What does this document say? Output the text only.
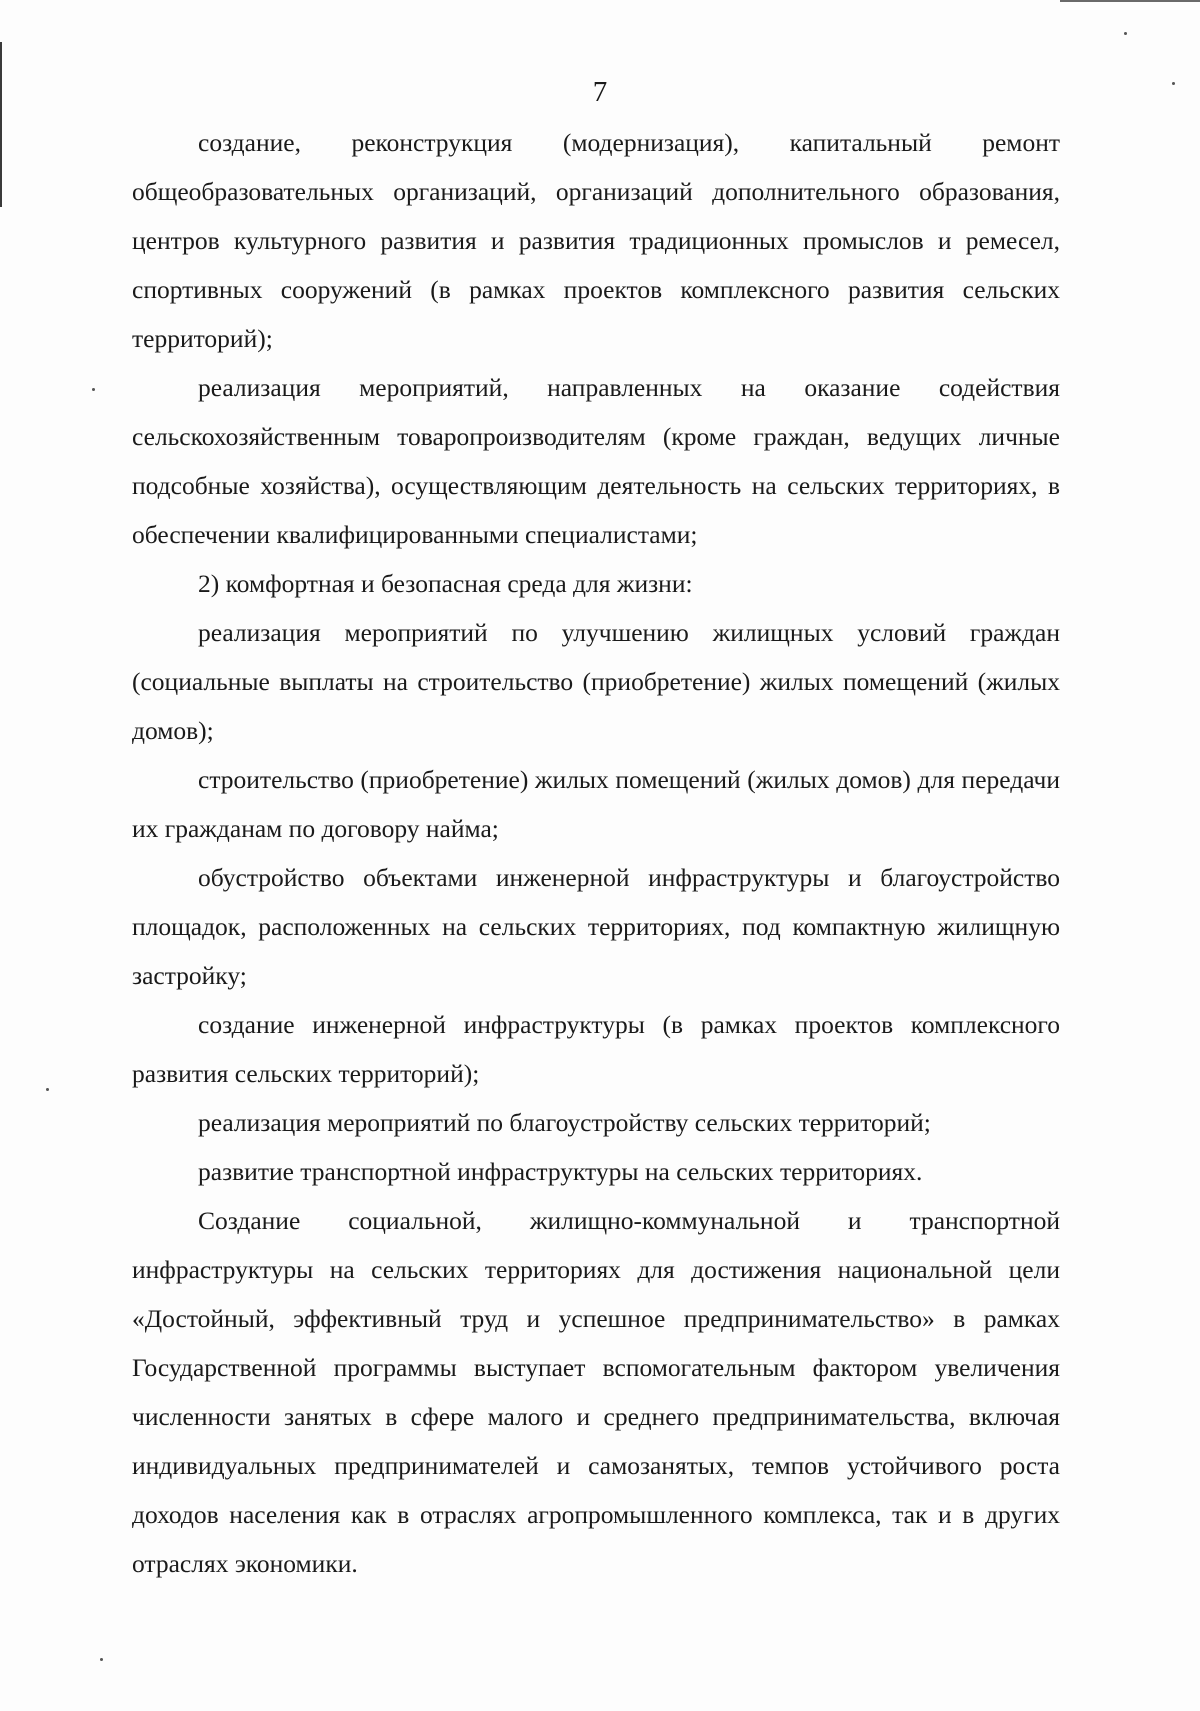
7

создание, реконструкция (модернизация), капитальный ремонт общеобразовательных организаций, организаций дополнительного образования, центров культурного развития и развития традиционных промыслов и ремесел, спортивных сооружений (в рамках проектов комплексного развития сельских территорий);

реализация мероприятий, направленных на оказание содействия сельскохозяйственным товаропроизводителям (кроме граждан, ведущих личные подсобные хозяйства), осуществляющим деятельность на сельских территориях, в обеспечении квалифицированными специалистами;

2) комфортная и безопасная среда для жизни:

реализация мероприятий по улучшению жилищных условий граждан (социальные выплаты на строительство (приобретение) жилых помещений (жилых домов);

строительство (приобретение) жилых помещений (жилых домов) для передачи их гражданам по договору найма;

обустройство объектами инженерной инфраструктуры и благоустройство площадок, расположенных на сельских территориях, под компактную жилищную застройку;

создание инженерной инфраструктуры (в рамках проектов комплексного развития сельских территорий);

реализация мероприятий по благоустройству сельских территорий;

развитие транспортной инфраструктуры на сельских территориях.

Создание социальной, жилищно-коммунальной и транспортной инфраструктуры на сельских территориях для достижения национальной цели «Достойный, эффективный труд и успешное предпринимательство» в рамках Государственной программы выступает вспомогательным фактором увеличения численности занятых в сфере малого и среднего предпринимательства, включая индивидуальных предпринимателей и самозанятых, темпов устойчивого роста доходов населения как в отраслях агропромышленного комплекса, так и в других отраслях экономики.
